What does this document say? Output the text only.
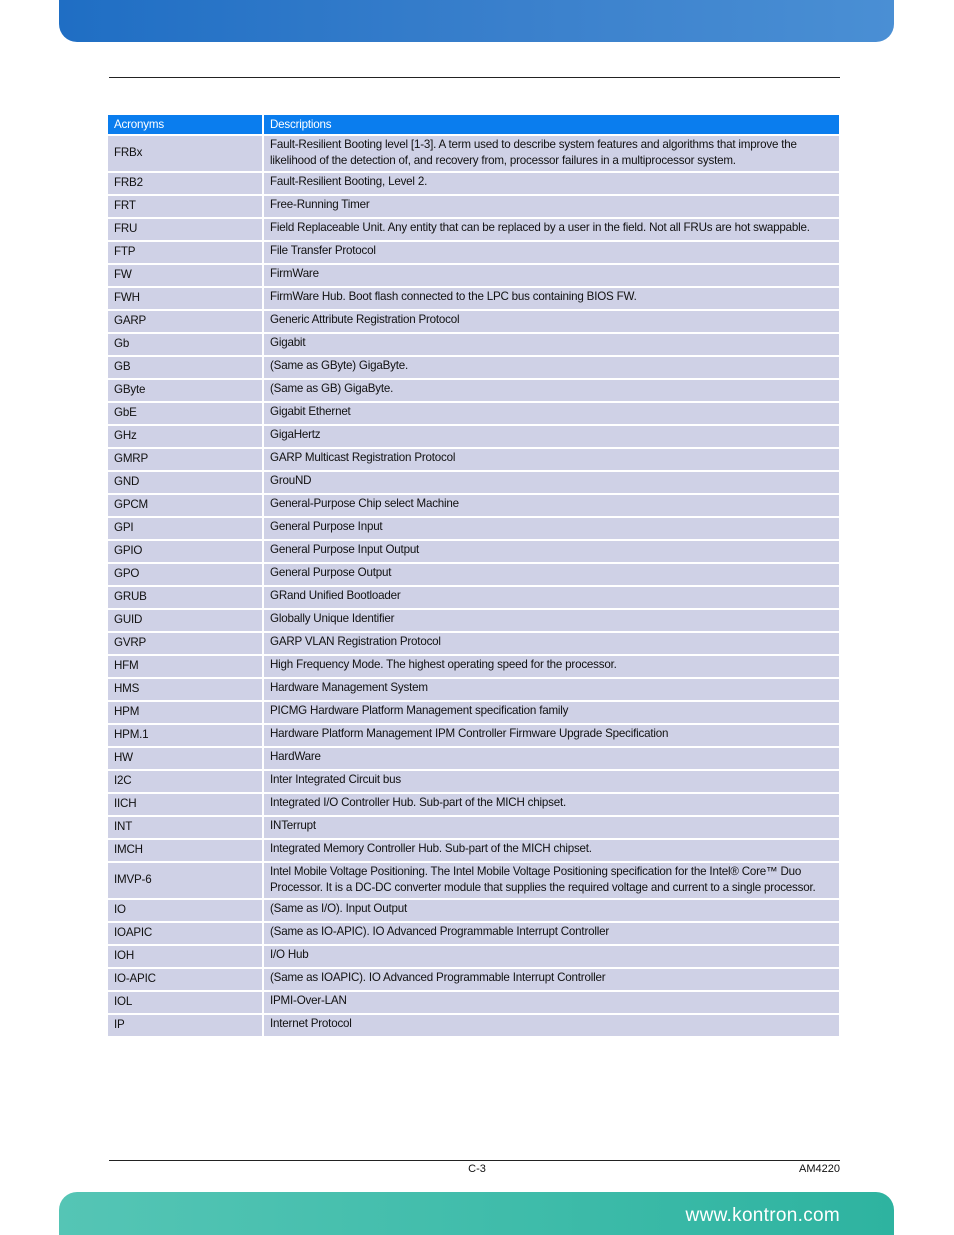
Acronyms	Descriptions
FRBx	Fault-Resilient Booting level [1-3]. A term used to describe system features and algorithms that improve the likelihood of the detection of, and recovery from, processor failures in a multiprocessor system.
FRB2	Fault-Resilient Booting, Level 2.
FRT	Free-Running Timer
FRU	Field Replaceable Unit. Any entity that can be replaced by a user in the field. Not all FRUs are hot swappable.
FTP	File Transfer Protocol
FW	FirmWare
FWH	FirmWare Hub. Boot flash connected to the LPC bus containing BIOS FW.
GARP	Generic Attribute Registration Protocol
Gb	Gigabit
GB	(Same as GByte) GigaByte.
GByte	(Same as GB) GigaByte.
GbE	Gigabit Ethernet
GHz	GigaHertz
GMRP	GARP Multicast Registration Protocol
GND	GrouND
GPCM	General-Purpose Chip select Machine
GPI	General Purpose Input
GPIO	General Purpose Input Output
GPO	General Purpose Output
GRUB	GRand Unified Bootloader
GUID	Globally Unique Identifier
GVRP	GARP VLAN Registration Protocol
HFM	High Frequency Mode. The highest operating speed for the processor.
HMS	Hardware Management System
HPM	PICMG Hardware Platform Management specification family
HPM.1	Hardware Platform Management IPM Controller Firmware Upgrade Specification
HW	HardWare
I2C	Inter Integrated Circuit bus
IICH	Integrated I/O Controller Hub. Sub-part of the MICH chipset.
INT	INTerrupt
IMCH	Integrated Memory Controller Hub. Sub-part of the MICH chipset.
IMVP-6	Intel Mobile Voltage Positioning. The Intel Mobile Voltage Positioning specification for the Intel® Core™ Duo Processor. It is a DC-DC converter module that supplies the required voltage and current to a single processor.
IO	(Same as I/O). Input Output
IOAPIC	(Same as IO-APIC). IO Advanced Programmable Interrupt Controller
IOH	I/O Hub
IO-APIC	(Same as IOAPIC). IO Advanced Programmable Interrupt Controller
IOL	IPMI-Over-LAN
IP	Internet Protocol
C-3	AM4220
www.kontron.com
